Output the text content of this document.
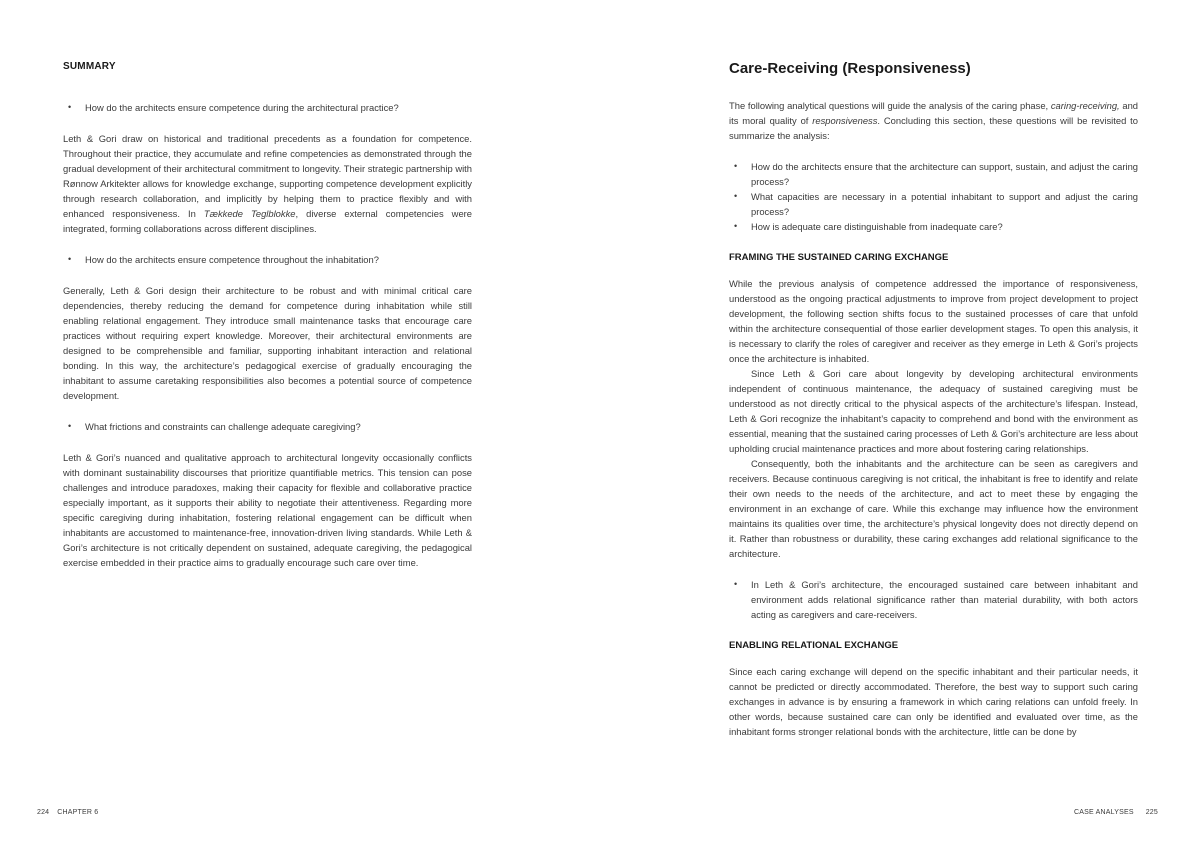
SUMMARY
• How do the architects ensure competence during the architectural practice?

Leth & Gori draw on historical and traditional precedents as a foundation for competence. Throughout their practice, they accumulate and refine competencies as demonstrated through the gradual development of their architectural commitment to longevity. Their strategic partnership with Rønnow Arkitekter allows for knowledge exchange, supporting competence development explicitly through research collaboration, and implicitly by helping them to practice flexibly and with enhanced responsiveness. In Tækkede Teglblokke, diverse external competencies were integrated, forming collaborations across different disciplines.

• How do the architects ensure competence throughout the inhabitation?

Generally, Leth & Gori design their architecture to be robust and with minimal critical care dependencies, thereby reducing the demand for competence during inhabitation while still enabling relational engagement. They introduce small maintenance tasks that encourage care practices without requiring expert knowledge. Moreover, their architectural environments are designed to be comprehensible and familiar, supporting inhabitant interaction and relational bonding. In this way, the architecture’s pedagogical exercise of gradually encouraging the inhabitant to assume caretaking responsibilities also becomes a potential source of competence development.

• What frictions and constraints can challenge adequate caregiving?

Leth & Gori’s nuanced and qualitative approach to architectural longevity occasionally conflicts with dominant sustainability discourses that prioritize quantifiable metrics. This tension can pose challenges and introduce paradoxes, making their capacity for flexible and collaborative practice especially important, as it supports their ability to negotiate their attentiveness. Regarding more specific caregiving during inhabitation, fostering relational engagement can be difficult when inhabitants are accustomed to maintenance-free, innovation-driven living standards. While Leth & Gori’s architecture is not critically dependent on sustained, adequate caregiving, the pedagogical exercise embedded in their practice aims to gradually encourage such care over time.

224 CHAPTER 6
Care-Receiving (Responsiveness)

The following analytical questions will guide the analysis of the caring phase, caring-receiving, and its moral quality of responsiveness. Concluding this section, these questions will be revisited to summarize the analysis:

• How do the architects ensure that the architecture can support, sustain, and adjust the caring process?
• What capacities are necessary in a potential inhabitant to support and adjust the caring process?
• How is adequate care distinguishable from inadequate care?
FRAMING THE SUSTAINED CARING EXCHANGE

While the previous analysis of competence addressed the importance of responsiveness, understood as the ongoing practical adjustments to improve from project development to project development, the following section shifts focus to the sustained processes of care that unfold within the architecture consequential of those earlier development stages. To open this analysis, it is necessary to clarify the roles of caregiver and receiver as they emerge in Leth & Gori’s projects once the architecture is inhabited.

Since Leth & Gori care about longevity by developing architectural environments independent of continuous maintenance, the adequacy of sustained caregiving must be understood as not directly critical to the physical aspects of the architecture’s lifespan. Instead, Leth & Gori recognize the inhabitant’s capacity to comprehend and bond with the environment as essential, meaning that the sustained caring processes of Leth & Gori’s architecture are less about upholding crucial maintenance practices and more about fostering caring relationships.

Consequently, both the inhabitants and the architecture can be seen as caregivers and receivers. Because continuous caregiving is not critical, the inhabitant is free to identify and relate their own needs to the needs of the architecture, and act to meet these by engaging the environment in an exchange of care. While this exchange may influence how the environment maintains its qualities over time, the architecture’s physical longevity does not directly depend on it. Rather than robustness or durability, these caring exchanges add relational significance to the architecture.

• In Leth & Gori’s architecture, the encouraged sustained care between inhabitant and environment adds relational significance rather than material durability, with both actors acting as caregivers and care-receivers.
ENABLING RELATIONAL EXCHANGE

Since each caring exchange will depend on the specific inhabitant and their particular needs, it cannot be predicted or directly accommodated. Therefore, the best way to support such caring exchanges in advance is by ensuring a framework in which caring relations can unfold freely. In other words, because sustained care can only be identified and evaluated over time, as the inhabitant forms stronger relational bonds with the architecture, little can be done by

CASE ANALYSES 225
